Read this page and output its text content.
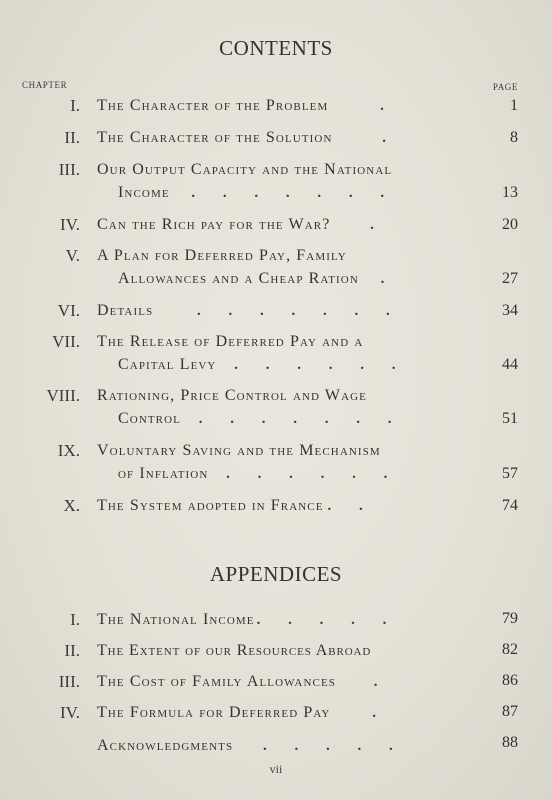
CONTENTS
CHAPTER	PAGE
I. The Character of the Problem .	1
II. The Character of the Solution .	8
III. Our Output Capacity and the National
Income . . . . . . .	13
IV. Can the Rich pay for the War? .	20
V. A Plan for Deferred Pay, Family
Allowances and a Cheap Ration .	27
VI. Details . . . . . . .	34
VII. The Release of Deferred Pay and a
Capital Levy . . . . . .	44
VIII. Rationing, Price Control and Wage
Control . . . . . . .	51
IX. Voluntary Saving and the Mechanism
of Inflation . . . . . .	57
X. The System adopted in France . .	74
APPENDICES
I. The National Income . . . . .	79
II. The Extent of our Resources Abroad	82
III. The Cost of Family Allowances .	86
IV. The Formula for Deferred Pay .	87
Acknowledgments . . . . .	88
vii
